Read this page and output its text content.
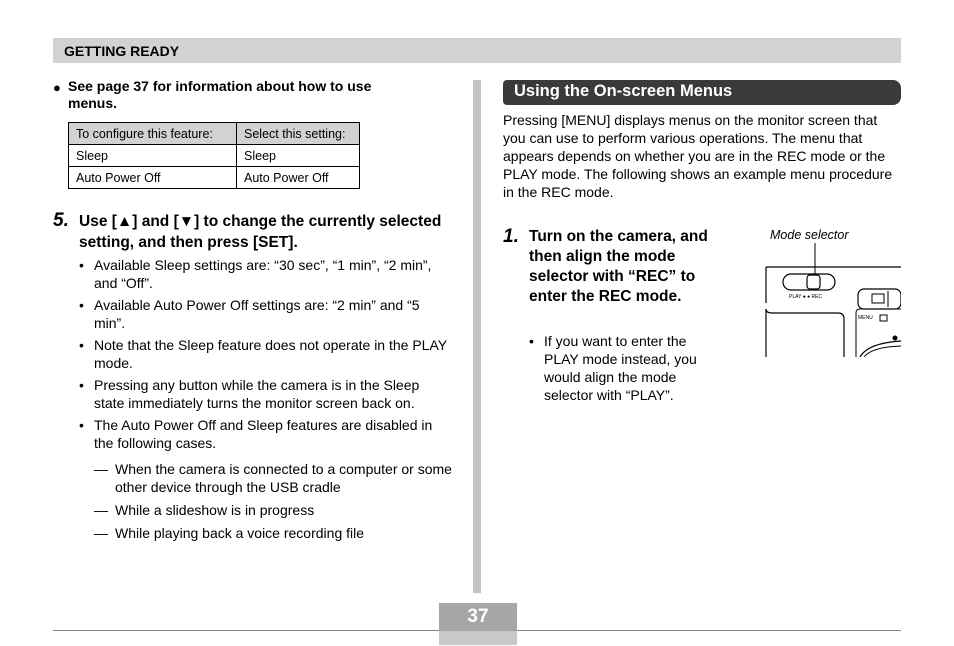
GETTING READY
● See page 37 for information about how to use menus.
To configure this feature:	Select this setting:
Sleep	Sleep
Auto Power Off	Auto Power Off
5. Use [▲] and [▼] to change the currently selected setting, and then press [SET].
• Available Sleep settings are: “30 sec”, “1 min”, “2 min”, and “Off”.
• Available Auto Power Off settings are: “2 min” and “5 min”.
• Note that the Sleep feature does not operate in the PLAY mode.
• Pressing any button while the camera is in the Sleep state immediately turns the monitor screen back on.
• The Auto Power Off and Sleep features are disabled in the following cases.
— When the camera is connected to a computer or some other device through the USB cradle
— While a slideshow is in progress
— While playing back a voice recording file
Using the On-screen Menus
Pressing [MENU] displays menus on the monitor screen that you can use to perform various operations. The menu that appears depends on whether you are in the REC mode or the PLAY mode. The following shows an example menu procedure in the REC mode.
1. Turn on the camera, and then align the mode selector with “REC” to enter the REC mode.
• If you want to enter the PLAY mode instead, you would align the mode selector with “PLAY”.
Mode selector
PLAY ● ● REC
MENU
37
